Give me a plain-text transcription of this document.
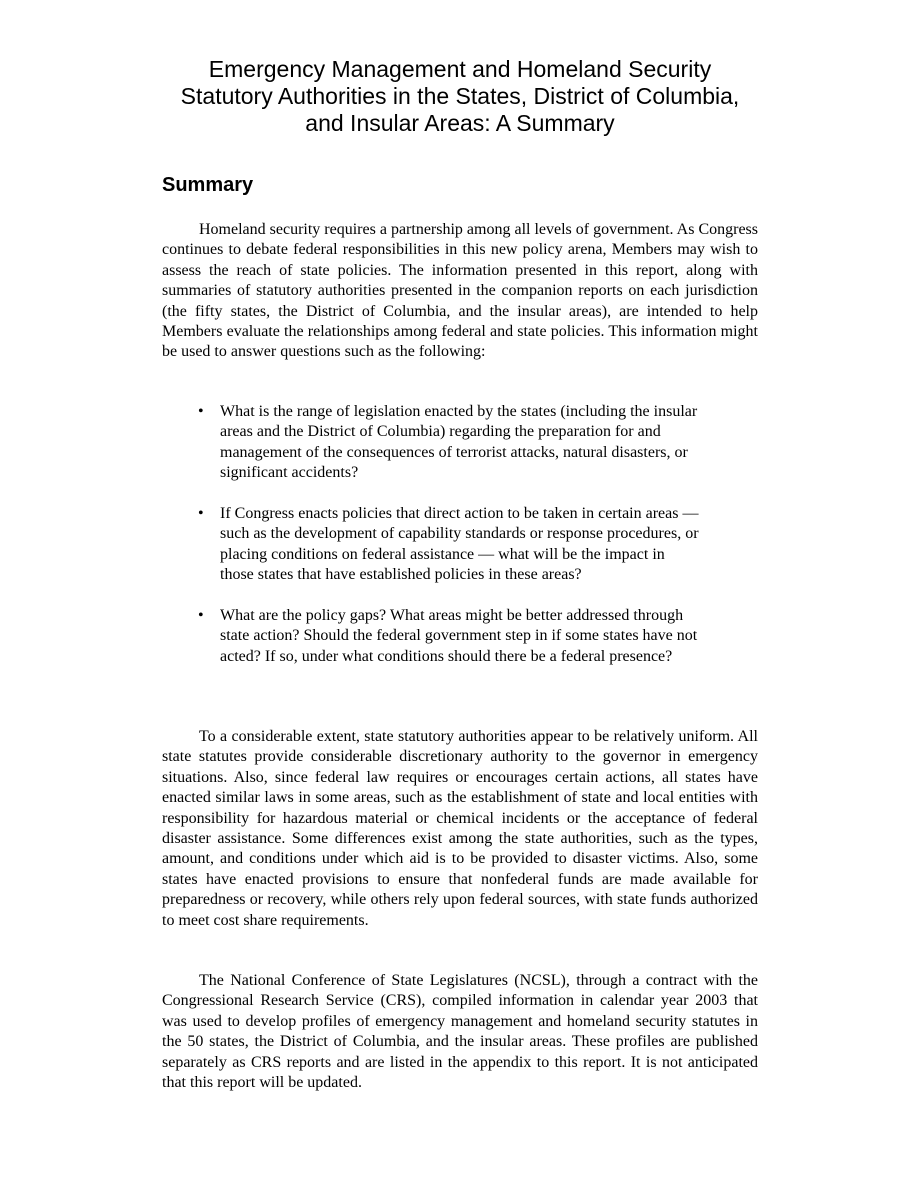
Emergency Management and Homeland Security
Statutory Authorities in the States, District of Columbia,
and Insular Areas: A Summary
Summary

Homeland security requires a partnership among all levels of government. As Congress continues to debate federal responsibilities in this new policy arena, Members may wish to assess the reach of state policies. The information presented in this report, along with summaries of statutory authorities presented in the companion reports on each jurisdiction (the fifty states, the District of Columbia, and the insular areas), are intended to help Members evaluate the relationships among federal and state policies. This information might be used to answer questions such as the following:

• What is the range of legislation enacted by the states (including the insular areas and the District of Columbia) regarding the preparation for and management of the consequences of terrorist attacks, natural disasters, or significant accidents?
• If Congress enacts policies that direct action to be taken in certain areas — such as the development of capability standards or response procedures, or placing conditions on federal assistance — what will be the impact in those states that have established policies in these areas?
• What are the policy gaps? What areas might be better addressed through state action? Should the federal government step in if some states have not acted? If so, under what conditions should there be a federal presence?

To a considerable extent, state statutory authorities appear to be relatively uniform. All state statutes provide considerable discretionary authority to the governor in emergency situations. Also, since federal law requires or encourages certain actions, all states have enacted similar laws in some areas, such as the establishment of state and local entities with responsibility for hazardous material or chemical incidents or the acceptance of federal disaster assistance. Some differences exist among the state authorities, such as the types, amount, and conditions under which aid is to be provided to disaster victims. Also, some states have enacted provisions to ensure that nonfederal funds are made available for preparedness or recovery, while others rely upon federal sources, with state funds authorized to meet cost share requirements.

The National Conference of State Legislatures (NCSL), through a contract with the Congressional Research Service (CRS), compiled information in calendar year 2003 that was used to develop profiles of emergency management and homeland security statutes in the 50 states, the District of Columbia, and the insular areas. These profiles are published separately as CRS reports and are listed in the appendix to this report. It is not anticipated that this report will be updated.
